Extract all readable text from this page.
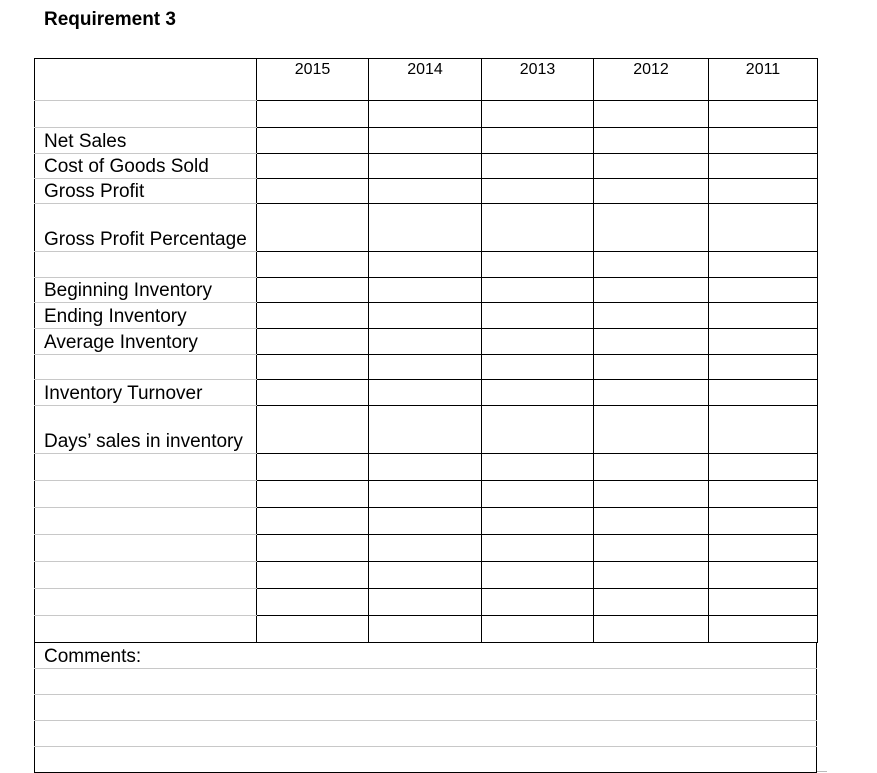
Requirement 3
	2015	2014	2013	2012	2011

Net Sales					
Cost of Goods Sold					
Gross Profit					
Gross Profit Percentage					

Beginning Inventory					
Ending Inventory					
Average Inventory					

Inventory Turnover					
Days’ sales in inventory					

Comments:
